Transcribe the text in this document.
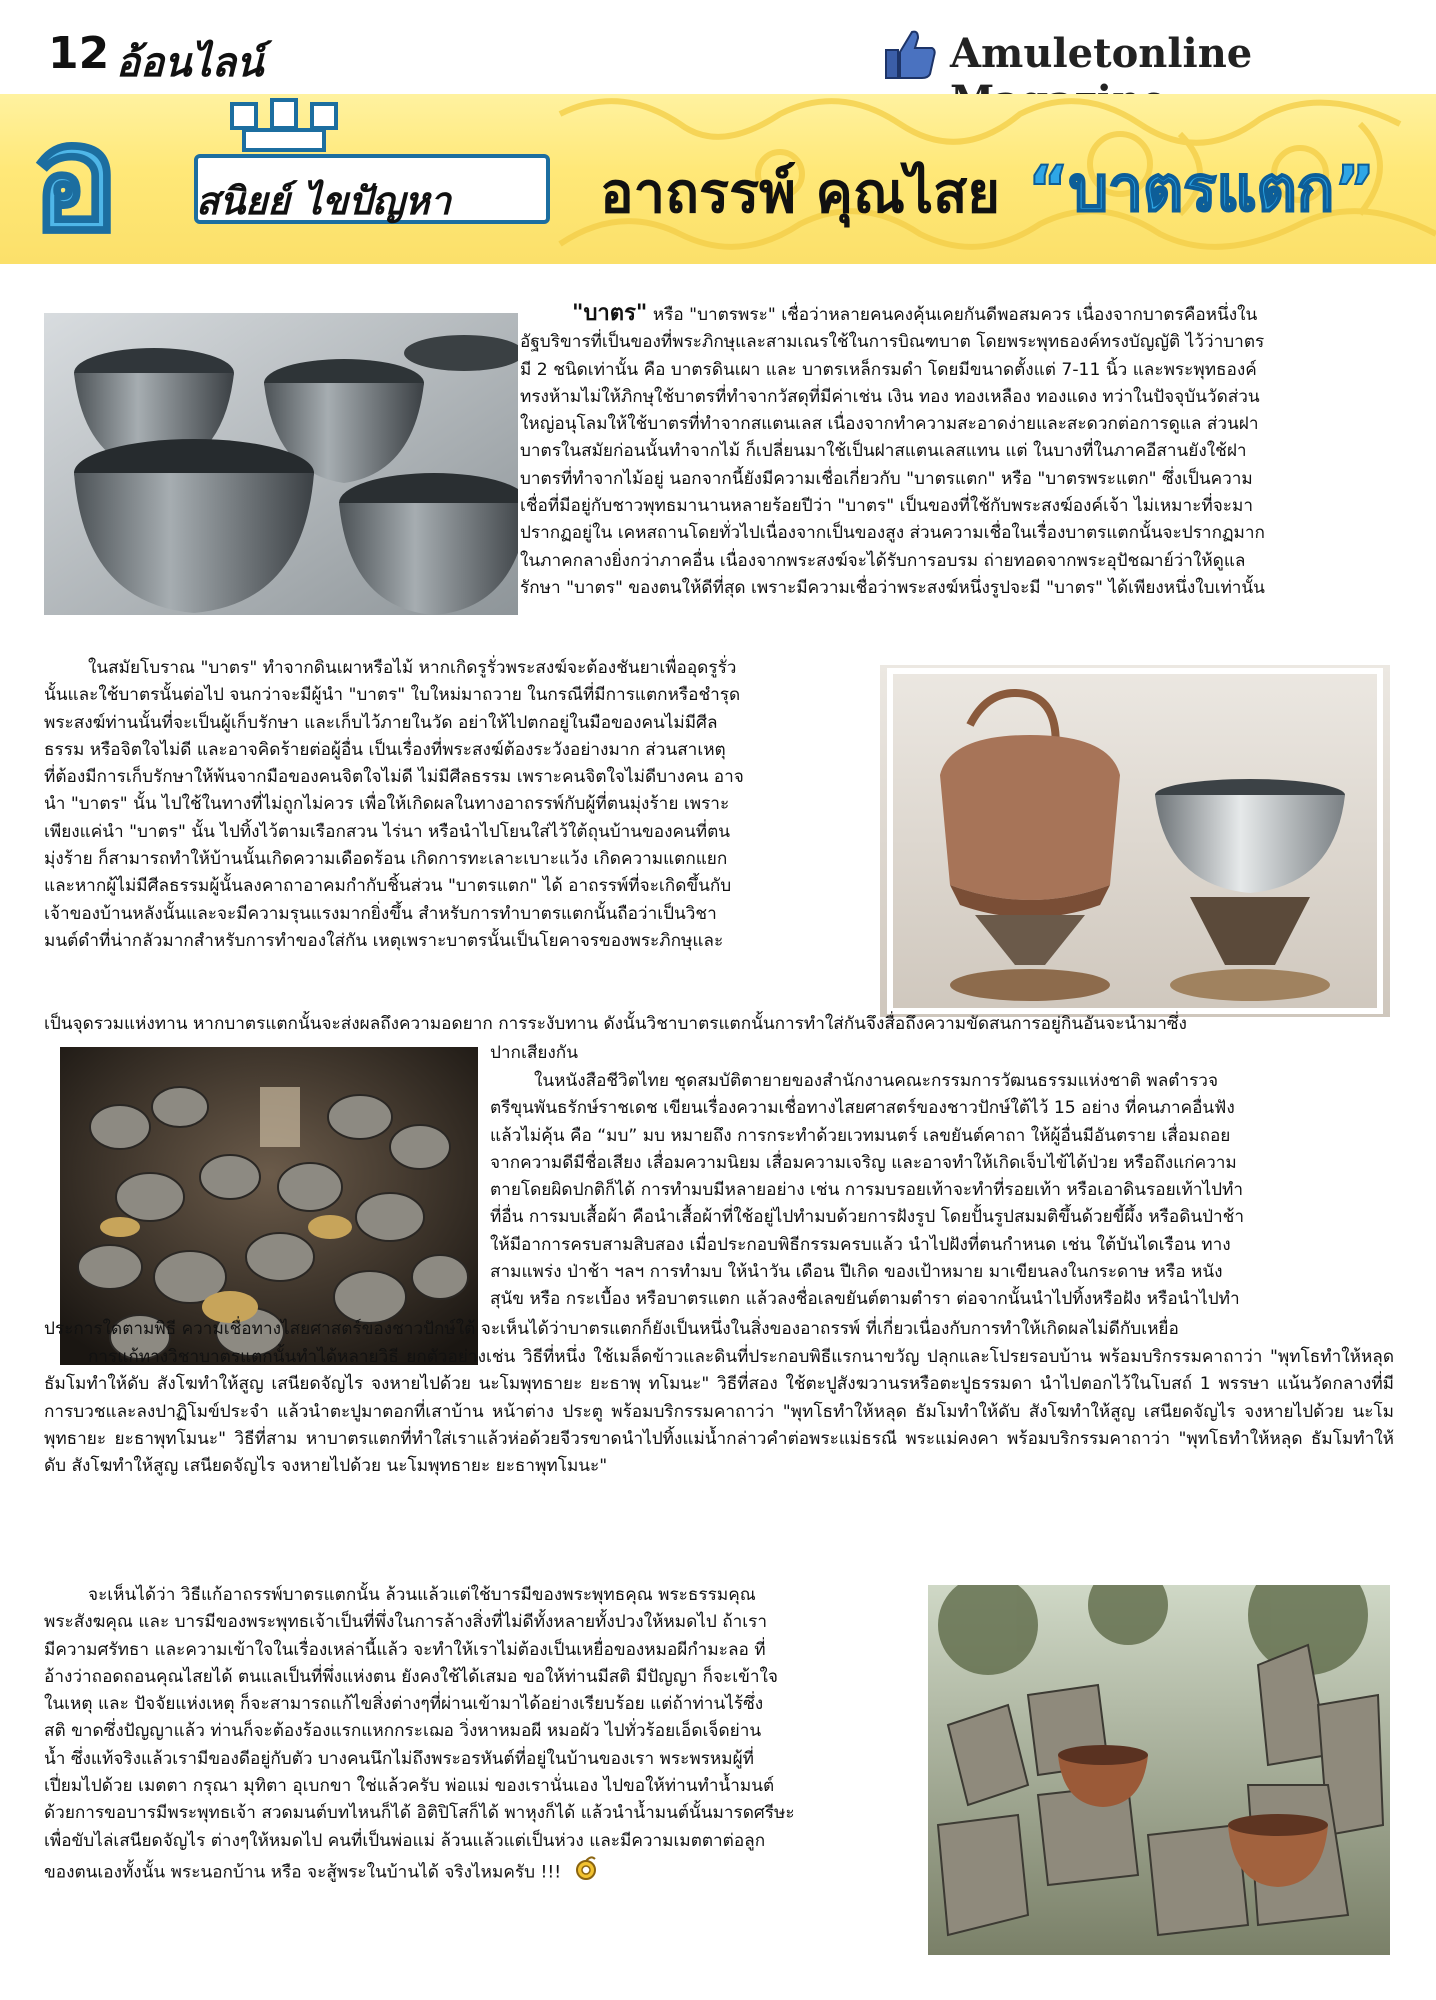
12 อ้อนไลน์	Amuletonline
อ สนิยย์ ไขปัญหา	อาถรรพ์ คุณไสย “บาตรแตก”
"บาตร" หรือ "บาตรพระ" เชื่อว่าหลายคนคงคุ้นเคยกันดีพอสมควร เนื่องจากบาตรคือหนึ่งใน
อัฐบริขารที่เป็นของที่พระภิกษุและสามเณรใช้ในการบิณฑบาต โดยพระพุทธองค์ทรงบัญญัติ ไว้ว่าบาตร
มี 2 ชนิดเท่านั้น คือ บาตรดินเผา และ บาตรเหล็กรมดำ โดยมีขนาดตั้งแต่ 7-11 นิ้ว และพระพุทธองค์
ทรงห้ามไม่ให้ภิกษุใช้บาตรที่ทำจากวัสดุที่มีค่าเช่น เงิน ทอง ทองเหลือง ทองแดง ทว่าในปัจจุบันวัดส่วน
ใหญ่อนุโลมให้ใช้บาตรที่ทำจากสแตนเลส เนื่องจากทำความสะอาดง่ายและสะดวกต่อการดูแล ส่วนฝา
บาตรในสมัยก่อนนั้นทำจากไม้ ก็เปลี่ยนมาใช้เป็นฝาสแตนเลสแทน แต่ ในบางที่ในภาคอีสานยังใช้ฝา
บาตรที่ทำจากไม้อยู่ นอกจากนี้ยังมีความเชื่อเกี่ยวกับ "บาตรแตก" หรือ "บาตรพระแตก" ซึ่งเป็นความ
เชื่อที่มีอยู่กับชาวพุทธมานานหลายร้อยปีว่า "บาตร" เป็นของที่ใช้กับพระสงฆ์องค์เจ้า ไม่เหมาะที่จะมา
ปรากฏอยู่ใน เคหสถานโดยทั่วไปเนื่องจากเป็นของสูง ส่วนความเชื่อในเรื่องบาตรแตกนั้นจะปรากฏมาก
ในภาคกลางยิ่งกว่าภาคอื่น เนื่องจากพระสงฆ์จะได้รับการอบรม ถ่ายทอดจากพระอุปัชฌาย์ว่าให้ดูแล
รักษา "บาตร" ของตนให้ดีที่สุด เพราะมีความเชื่อว่าพระสงฆ์หนึ่งรูปจะมี "บาตร" ได้เพียงหนึ่งใบเท่านั้น
ในสมัยโบราณ "บาตร" ทำจากดินเผาหรือไม้ หากเกิดรูรั่วพระสงฆ์จะต้องชันยาเพื่ออุดรูรั่ว
นั้นและใช้บาตรนั้นต่อไป จนกว่าจะมีผู้นำ "บาตร" ใบใหม่มาถวาย ในกรณีที่มีการแตกหรือชำรุด
พระสงฆ์ท่านนั้นที่จะเป็นผู้เก็บรักษา และเก็บไว้ภายในวัด อย่าให้ไปตกอยู่ในมือของคนไม่มีศีล
ธรรม หรือจิตใจไม่ดี และอาจคิดร้ายต่อผู้อื่น เป็นเรื่องที่พระสงฆ์ต้องระวังอย่างมาก ส่วนสาเหตุ
ที่ต้องมีการเก็บรักษาให้พ้นจากมือของคนจิตใจไม่ดี ไม่มีศีลธรรม เพราะคนจิตใจไม่ดีบางคน อาจ
นำ "บาตร" นั้น ไปใช้ในทางที่ไม่ถูกไม่ควร เพื่อให้เกิดผลในทางอาถรรพ์กับผู้ที่ตนมุ่งร้าย เพราะ
เพียงแค่นำ "บาตร" นั้น ไปทิ้งไว้ตามเรือกสวน ไร่นา หรือนำไปโยนใส่ไว้ใต้ถุนบ้านของคนที่ตน
มุ่งร้าย ก็สามารถทำให้บ้านนั้นเกิดความเดือดร้อน เกิดการทะเลาะเบาะแว้ง เกิดความแตกแยก
และหากผู้ไม่มีศีลธรรมผู้นั้นลงคาถาอาคมกำกับชิ้นส่วน "บาตรแตก" ได้ อาถรรพ์ที่จะเกิดขึ้นกับ
เจ้าของบ้านหลังนั้นและจะมีความรุนแรงมากยิ่งขึ้น สำหรับการทำบาตรแตกนั้นถือว่าเป็นวิชา
มนต์ดำที่น่ากลัวมากสำหรับการทำของใส่กัน เหตุเพราะบาตรนั้นเป็นโยคาจรของพระภิกษุและ
เป็นจุดรวมแห่งทาน หากบาตรแตกนั้นจะส่งผลถึงความอดยาก การระงับทาน ดังนั้นวิชาบาตรแตกนั้นการทำใส่กันจึงสื่อถึงความขัดสนการอยู่กินอันจะนำมาซึ่ง
ปากเสียงกัน
ในหนังสือชีวิตไทย ชุดสมบัติตายายของสำนักงานคณะกรรมการวัฒนธรรมแห่งชาติ พลตำรวจ
ตรีขุนพันธรักษ์ราชเดช เขียนเรื่องความเชื่อทางไสยศาสตร์ของชาวปักษ์ใต้ไว้ 15 อย่าง ที่คนภาคอื่นฟัง
แล้วไม่คุ้น คือ “มบ” มบ หมายถึง การกระทำด้วยเวทมนตร์ เลขยันต์คาถา ให้ผู้อื่นมีอันตราย เสื่อมถอย
จากความดีมีชื่อเสียง เสื่อมความนิยม เสื่อมความเจริญ และอาจทำให้เกิดเจ็บไข้ได้ป่วย หรือถึงแก่ความ
ตายโดยผิดปกติก็ได้ การทำมบมีหลายอย่าง เช่น การมบรอยเท้าจะทำที่รอยเท้า หรือเอาดินรอยเท้าไปทำ
ที่อื่น การมบเสื้อผ้า คือนำเสื้อผ้าที่ใช้อยู่ไปทำมบด้วยการฝังรูป โดยปั้นรูปสมมติขึ้นด้วยขี้ผึ้ง หรือดินป่าช้า
ให้มีอาการครบสามสิบสอง เมื่อประกอบพิธีกรรมครบแล้ว นำไปฝังที่ตนกำหนด เช่น ใต้บันไดเรือน ทาง
สามแพร่ง ป่าช้า ฯลฯ การทำมบ ให้นำวัน เดือน ปีเกิด ของเป้าหมาย มาเขียนลงในกระดาษ หรือ หนัง
สุนัข หรือ กระเบื้อง หรือบาตรแตก แล้วลงชื่อเลขยันต์ตามตำรา ต่อจากนั้นนำไปทิ้งหรือฝัง หรือนำไปทำ
ประการใดตามพิธี ความเชื่อทางไสยศาสตร์ของชาวปักษ์ใต้ จะเห็นได้ว่าบาตรแตกก็ยังเป็นหนึ่งในสิ่งของอาถรรพ์ ที่เกี่ยวเนื่องกับการทำให้เกิดผลไม่ดีกับเหยื่อ
การแก้ทางวิชาบาตรแตกนั้นทำได้หลายวิธี ยกตัวอย่างเช่น วิธีที่หนึ่ง ใช้เมล็ดข้าวและดินที่ประกอบพิธีแรกนาขวัญ ปลุกและโปรยรอบบ้าน พร้อมบริกรรมคาถาว่า "พุทโธทำให้หลุด ธัมโมทำให้ดับ สังโฆทำให้สูญ เสนียดจัญไร จงหายไปด้วย นะโมพุทธายะ ยะธาพุ ทโมนะ" วิธีที่สอง ใช้ตะปูสังฆวานรหรือตะปูธรรมดา นำไปตอกไว้ในโบสถ์ 1 พรรษา แน้นวัดกลางที่มีการบวชและลงปาฏิโมข์ประจำ แล้วนำตะปูมาตอกที่เสาบ้าน หน้าต่าง ประตู พร้อมบริกรรมคาถาว่า "พุทโธทำให้หลุด ธัมโมทำให้ดับ สังโฆทำให้สูญ เสนียดจัญไร จงหายไปด้วย นะโมพุทธายะ ยะธาพุทโมนะ" วิธีที่สาม หาบาตรแตกที่ทำใส่เราแล้วห่อด้วยจีวรขาดนำไปทิ้งแม่น้ำกล่าวคำต่อพระแม่ธรณี พระแม่คงคา พร้อมบริกรรมคาถาว่า "พุทโธทำให้หลุด ธัมโมทำให้ดับ สังโฆทำให้สูญ เสนียดจัญไร จงหายไปด้วย นะโมพุทธายะ ยะธาพุทโมนะ"
จะเห็นได้ว่า วิธีแก้อาถรรพ์บาตรแตกนั้น ล้วนแล้วแต่ใช้บารมีของพระพุทธคุณ พระธรรมคุณ
พระสังฆคุณ และ บารมีของพระพุทธเจ้าเป็นที่พึ่งในการล้างสิ่งที่ไม่ดีทั้งหลายทั้งปวงให้หมดไป ถ้าเรา
มีความศรัทธา และความเข้าใจในเรื่องเหล่านี้แล้ว จะทำให้เราไม่ต้องเป็นเหยื่อของหมอผีกำมะลอ ที่
อ้างว่าถอดถอนคุณไสยได้ ตนแลเป็นที่พึ่งแห่งตน ยังคงใช้ได้เสมอ ขอให้ท่านมีสติ มีปัญญา ก็จะเข้าใจ
ในเหตุ และ ปัจจัยแห่งเหตุ ก็จะสามารถแก้ไขสิ่งต่างๆที่ผ่านเข้ามาได้อย่างเรียบร้อย แต่ถ้าท่านไร้ซึ่ง
สติ ขาดซึ่งปัญญาแล้ว ท่านก็จะต้องร้องแรกแหกกระเฌอ วิ่งหาหมอผี หมอผัว ไปทั่วร้อยเอ็ดเจ็ดย่าน
น้ำ ซึ่งแท้จริงแล้วเรามีของดีอยู่กับตัว บางคนนึกไม่ถึงพระอรหันต์ที่อยู่ในบ้านของเรา พระพรหมผู้ที่
เปี่ยมไปด้วย เมตตา กรุณา มุทิตา อุเบกขา ใช่แล้วครับ พ่อแม่ ของเรานั่นเอง ไปขอให้ท่านทำน้ำมนต์
ด้วยการขอบารมีพระพุทธเจ้า สวดมนต์บทไหนก็ได้ อิติปิโสก็ได้ พาหุงก็ได้ แล้วนำน้ำมนต์นั้นมารดศรีษะ
เพื่อขับไล่เสนียดจัญไร ต่างๆให้หมดไป คนที่เป็นพ่อแม่ ล้วนแล้วแต่เป็นห่วง และมีความเมตตาต่อลูก
ของตนเองทั้งนั้น พระนอกบ้าน หรือ จะสู้พระในบ้านได้ จริงไหมครับ !!!
